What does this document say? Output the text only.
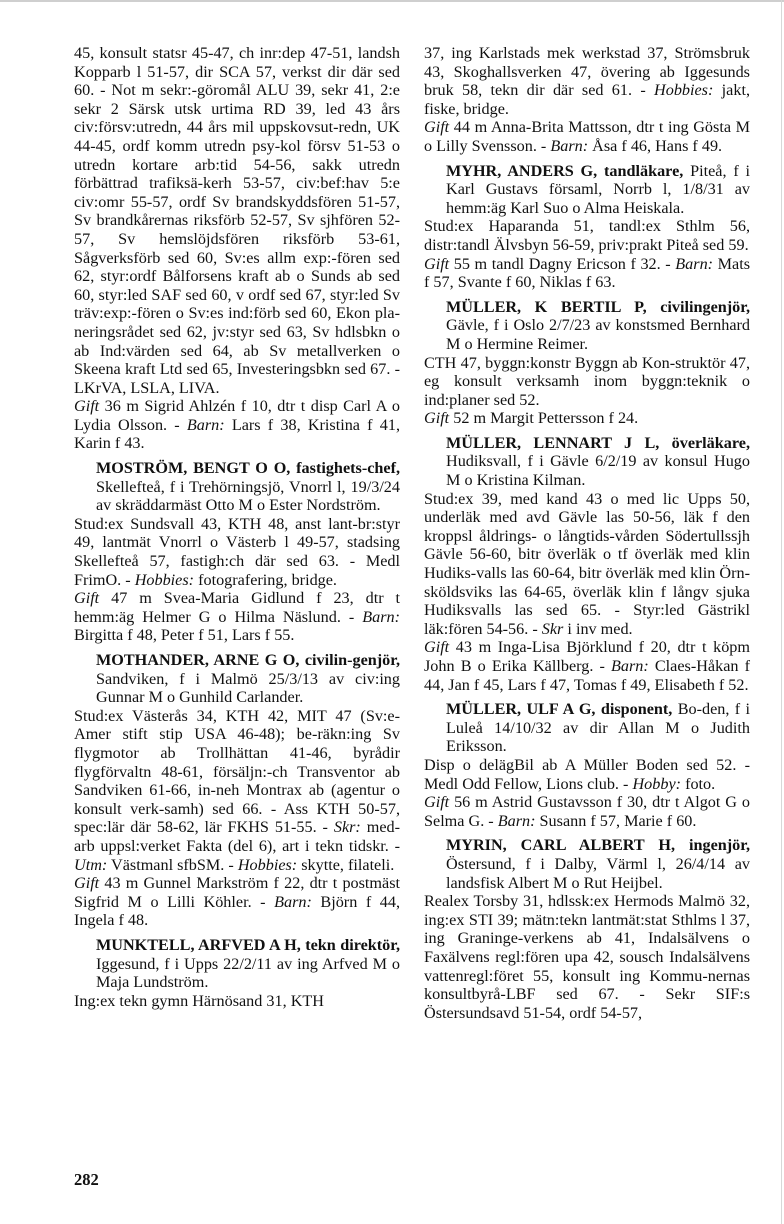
45, konsult statsr 45-47, ch inr:dep 47-51, landsh Kopparb l 51-57, dir SCA 57, verkst dir där sed 60. - Not m sekr:-göromål ALU 39, sekr 41, 2:e sekr 2 Särsk utsk urtima RD 39, led 43 års civ:försv:utredn, 44 års mil uppskovsut-redn, UK 44-45, ordf komm utredn psy-kol försv 51-53 o utredn kortare arb:tid 54-56, sakk utredn förbättrad trafiksä-kerh 53-57, civ:bef:hav 5:e civ:omr 55-57, ordf Sv brandskyddsfören 51-57, Sv brandkårernas riksförb 52-57, Sv sjhfören 52-57, Sv hemslöjdsfören riksförb 53-61, Sågverksförb sed 60, Sv:es allm exp:-fören sed 62, styr:ordf Bålforsens kraft ab o Sunds ab sed 60, styr:led SAF sed 60, v ordf sed 67, styr:led Sv träv:exp:-fören o Sv:es ind:förb sed 60, Ekon pla-neringsrådet sed 62, jv:styr sed 63, Sv hdlsbkn o ab Ind:värden sed 64, ab Sv metallverken o Skeena kraft Ltd sed 65, Investeringsbkn sed 67. - LKrVA, LSLA, LIVA.

Gift 36 m Sigrid Ahlzén f 10, dtr t disp Carl A o Lydia Olsson. - Barn: Lars f 38, Kristina f 41, Karin f 43.

MOSTRÖM, BENGT O O, fastighets-chef, Skellefteå, f i Trehörningsjö, Vnorrl l, 19/3/24 av skräddarmäst Otto M o Ester Nordström.

Stud:ex Sundsvall 43, KTH 48, anst lant-br:styr 49, lantmät Vnorrl o Västerb l 49-57, stadsing Skellefteå 57, fastigh:ch där sed 63. - Medl FrimO. - Hobbies: fotografering, bridge.

Gift 47 m Svea-Maria Gidlund f 23, dtr t hemm:äg Helmer G o Hilma Näslund. - Barn: Birgitta f 48, Peter f 51, Lars f 55.

MOTHANDER, ARNE G O, civilin-genjör, Sandviken, f i Malmö 25/3/13 av civ:ing Gunnar M o Gunhild Carlander.

Stud:ex Västerås 34, KTH 42, MIT 47 (Sv:e-Amer stift stip USA 46-48); be-räkn:ing Sv flygmotor ab Trollhättan 41-46, byrådir flygförvaltn 48-61, försäljn:-ch Transventor ab Sandviken 61-66, in-neh Montrax ab (agentur o konsult verk-samh) sed 66. - Ass KTH 50-57, spec:lär där 58-62, lär FKHS 51-55. - Skr: med-arb uppsl:verket Fakta (del 6), art i tekn tidskr. - Utm: Västmanl sfbSM. - Hobbies: skytte, filateli.

Gift 43 m Gunnel Markström f 22, dtr t postmäst Sigfrid M o Lilli Köhler. - Barn: Björn f 44, Ingela f 48.

MUNKTELL, ARFVED A H, tekn direktör, Iggesund, f i Upps 22/2/11 av ing Arfved M o Maja Lundström.

Ing:ex tekn gymn Härnösand 31, KTH

37, ing Karlstads mek werkstad 37, Strömsbruk 43, Skoghallsverken 47, övering ab Iggesunds bruk 58, tekn dir där sed 61. - Hobbies: jakt, fiske, bridge.

Gift 44 m Anna-Brita Mattsson, dtr t ing Gösta M o Lilly Svensson. - Barn: Åsa f 46, Hans f 49.

MYHR, ANDERS G, tandläkare, Piteå, f i Karl Gustavs församl, Norrb l, 1/8/31 av hemm:äg Karl Suo o Alma Heiskala.

Stud:ex Haparanda 51, tandl:ex Sthlm 56, distr:tandl Älvsbyn 56-59, priv:prakt Piteå sed 59.

Gift 55 m tandl Dagny Ericson f 32. - Barn: Mats f 57, Svante f 60, Niklas f 63.

MÜLLER, K BERTIL P, civilingenjör, Gävle, f i Oslo 2/7/23 av konstsmed Bernhard M o Hermine Reimer.

CTH 47, byggn:konstr Byggn ab Kon-struktör 47, eg konsult verksamh inom byggn:teknik o ind:planer sed 52.

Gift 52 m Margit Pettersson f 24.

MÜLLER, LENNART J L, överläkare, Hudiksvall, f i Gävle 6/2/19 av konsul Hugo M o Kristina Kilman.

Stud:ex 39, med kand 43 o med lic Upps 50, underläk med avd Gävle las 50-56, läk f den kroppsl åldrings- o långtids-vården Södertullssjh Gävle 56-60, bitr överläk o tf överläk med klin Hudiks-valls las 60-64, bitr överläk med klin Örn-sköldsviks las 64-65, överläk klin f långv sjuka Hudiksvalls las sed 65. - Styr:led Gästrikl läk:fören 54-56. - Skr i inv med.

Gift 43 m Inga-Lisa Björklund f 20, dtr t köpm John B o Erika Källberg. - Barn: Claes-Håkan f 44, Jan f 45, Lars f 47, Tomas f 49, Elisabeth f 52.

MÜLLER, ULF A G, disponent, Bo-den, f i Luleå 14/10/32 av dir Allan M o Judith Eriksson.

Disp o delägBil ab A Müller Boden sed 52. - Medl Odd Fellow, Lions club. - Hobby: foto.

Gift 56 m Astrid Gustavsson f 30, dtr t Algot G o Selma G. - Barn: Susann f 57, Marie f 60.

MYRIN, CARL ALBERT H, ingenjör, Östersund, f i Dalby, Värml l, 26/4/14 av landsfisk Albert M o Rut Heijbel.

Realex Torsby 31, hdlssk:ex Hermods Malmö 32, ing:ex STI 39; mätn:tekn lantmät:stat Sthlms l 37, ing Graninge-verkens ab 41, Indalsälvens o Faxälvens regl:fören upa 42, sousch Indalsälvens vattenregl:föret 55, konsult ing Kommu-nernas konsultbyrå-LBF sed 67. - Sekr SIF:s Östersundsavd 51-54, ordf 54-57,

282
